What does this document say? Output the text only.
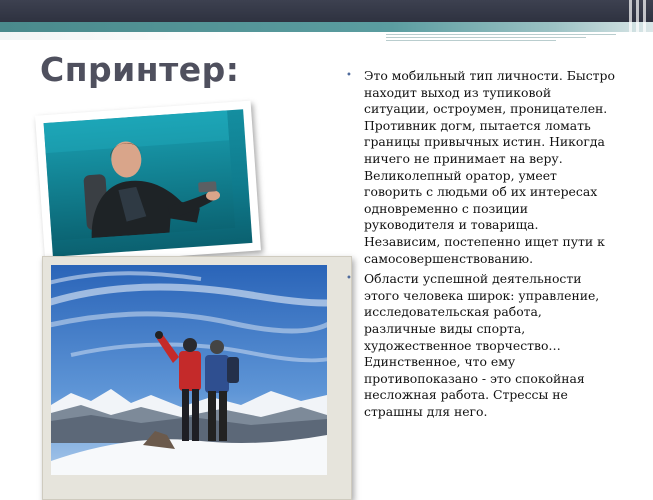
Спринтер:	• Это мобильный тип личности. Быстро находит выход из тупиковой ситуации, остроумен, проницателен. Противник догм, пытается ломать границы привычных истин. Никогда ничего не принимает на веру. Великолепный оратор, умеет говорить с людьми об их интересах одновременно с позиции руководителя и товарища. Независим, постепенно ищет пути к самосовершенствованию.
• Области успешной деятельности этого человека широк: управление, исследовательская работа, различные виды спорта, художественное творчество… Единственное, что ему противопоказано - это спокойная несложная работа. Стрессы не страшны для него.
